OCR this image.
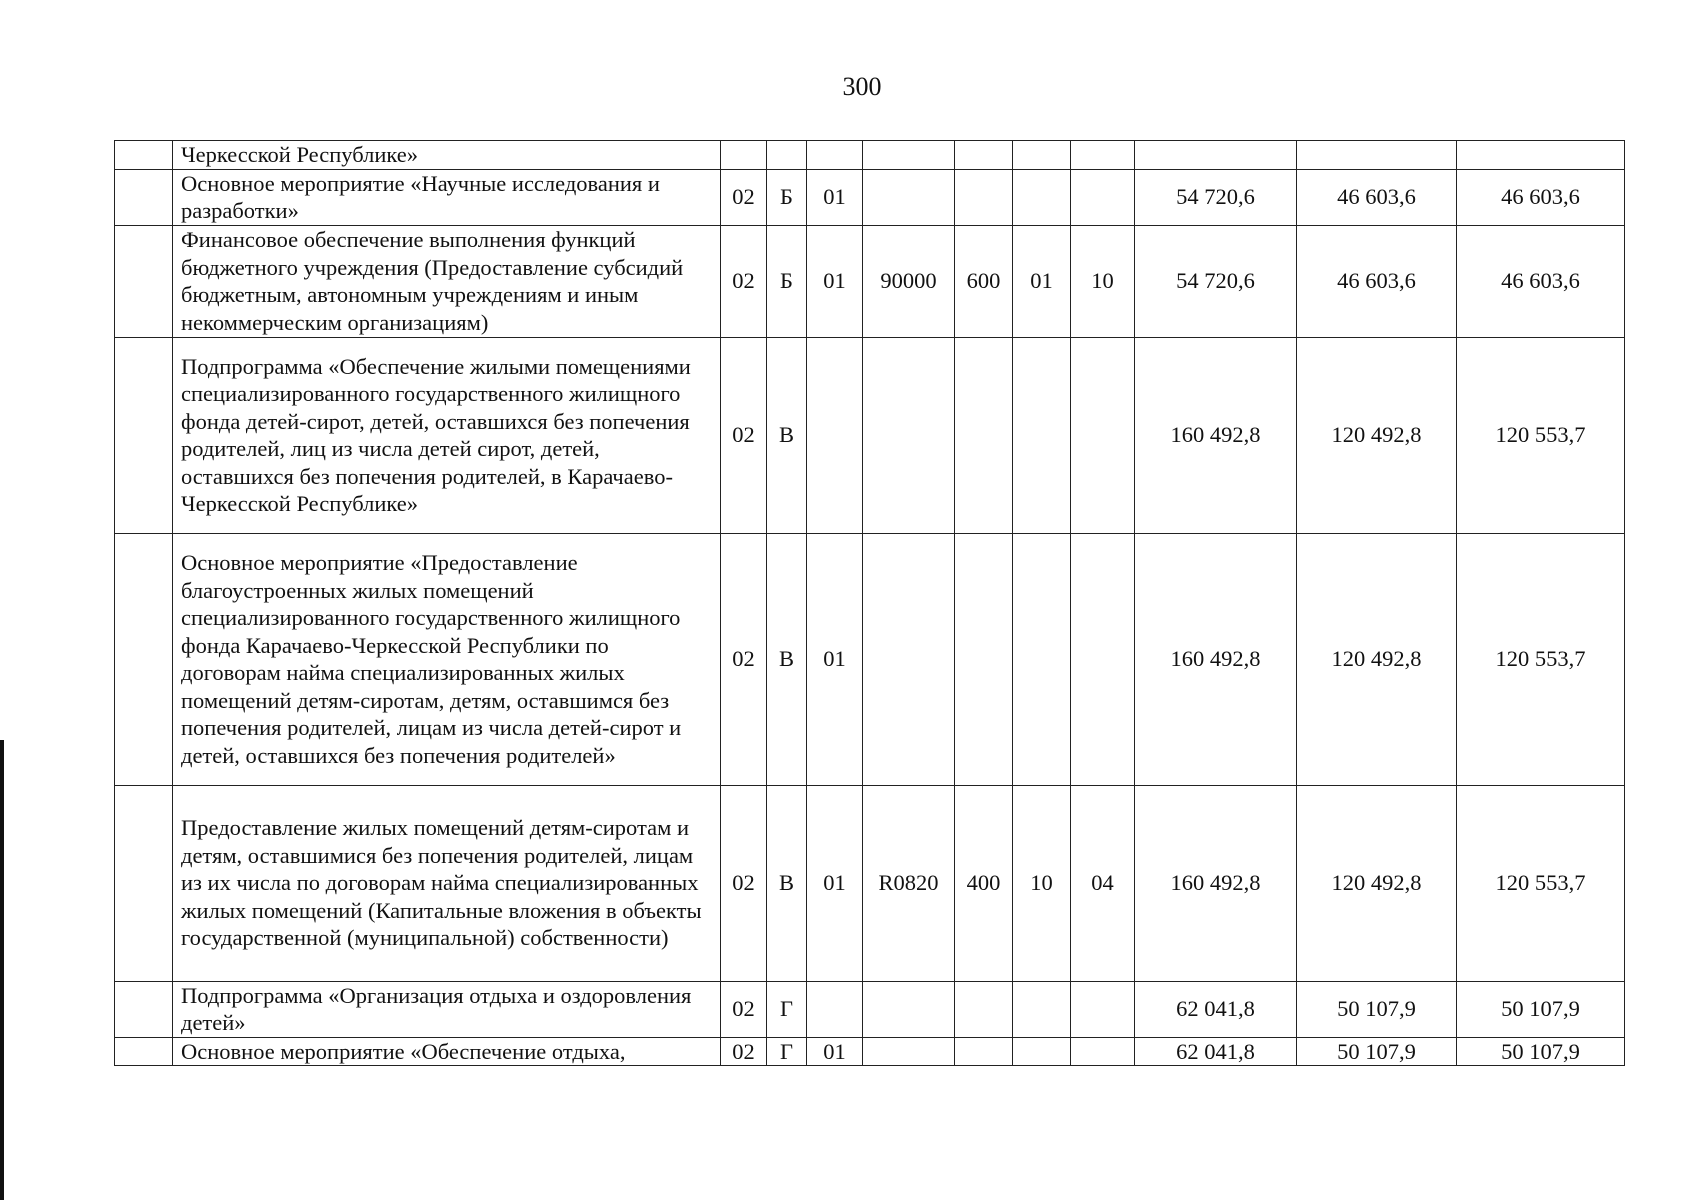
300
	Черкесской Республике»										
	Основное мероприятие «Научные исследования и разработки»	02	Б	01					54 720,6	46 603,6	46 603,6
	Финансовое обеспечение выполнения функций бюджетного учреждения (Предоставление субсидий бюджетным, автономным учреждениям и иным некоммерческим организациям)	02	Б	01	90000	600	01	10	54 720,6	46 603,6	46 603,6
	Подпрограмма «Обеспечение жилыми помещениями специализированного государственного жилищного фонда детей-сирот, детей, оставшихся без попечения родителей, лиц из числа детей сирот, детей, оставшихся без попечения родителей, в Карачаево-Черкесской Республике»	02	В						160 492,8	120 492,8	120 553,7
	Основное мероприятие «Предоставление благоустроенных жилых помещений специализированного государственного жилищного фонда Карачаево-Черкесской Республики по договорам найма специализированных жилых помещений детям-сиротам, детям, оставшимся без попечения родителей, лицам из числа детей-сирот и детей, оставшихся без попечения родителей»	02	В	01					160 492,8	120 492,8	120 553,7
	Предоставление жилых помещений детям-сиротам и детям, оставшимися без попечения родителей, лицам из их числа по договорам найма специализированных жилых помещений (Капитальные вложения в объекты государственной (муниципальной) собственности)	02	В	01	R0820	400	10	04	160 492,8	120 492,8	120 553,7
	Подпрограмма «Организация отдыха и оздоровления детей»	02	Г						62 041,8	50 107,9	50 107,9
	Основное мероприятие «Обеспечение отдыха,	02	Г	01					62 041,8	50 107,9	50 107,9
